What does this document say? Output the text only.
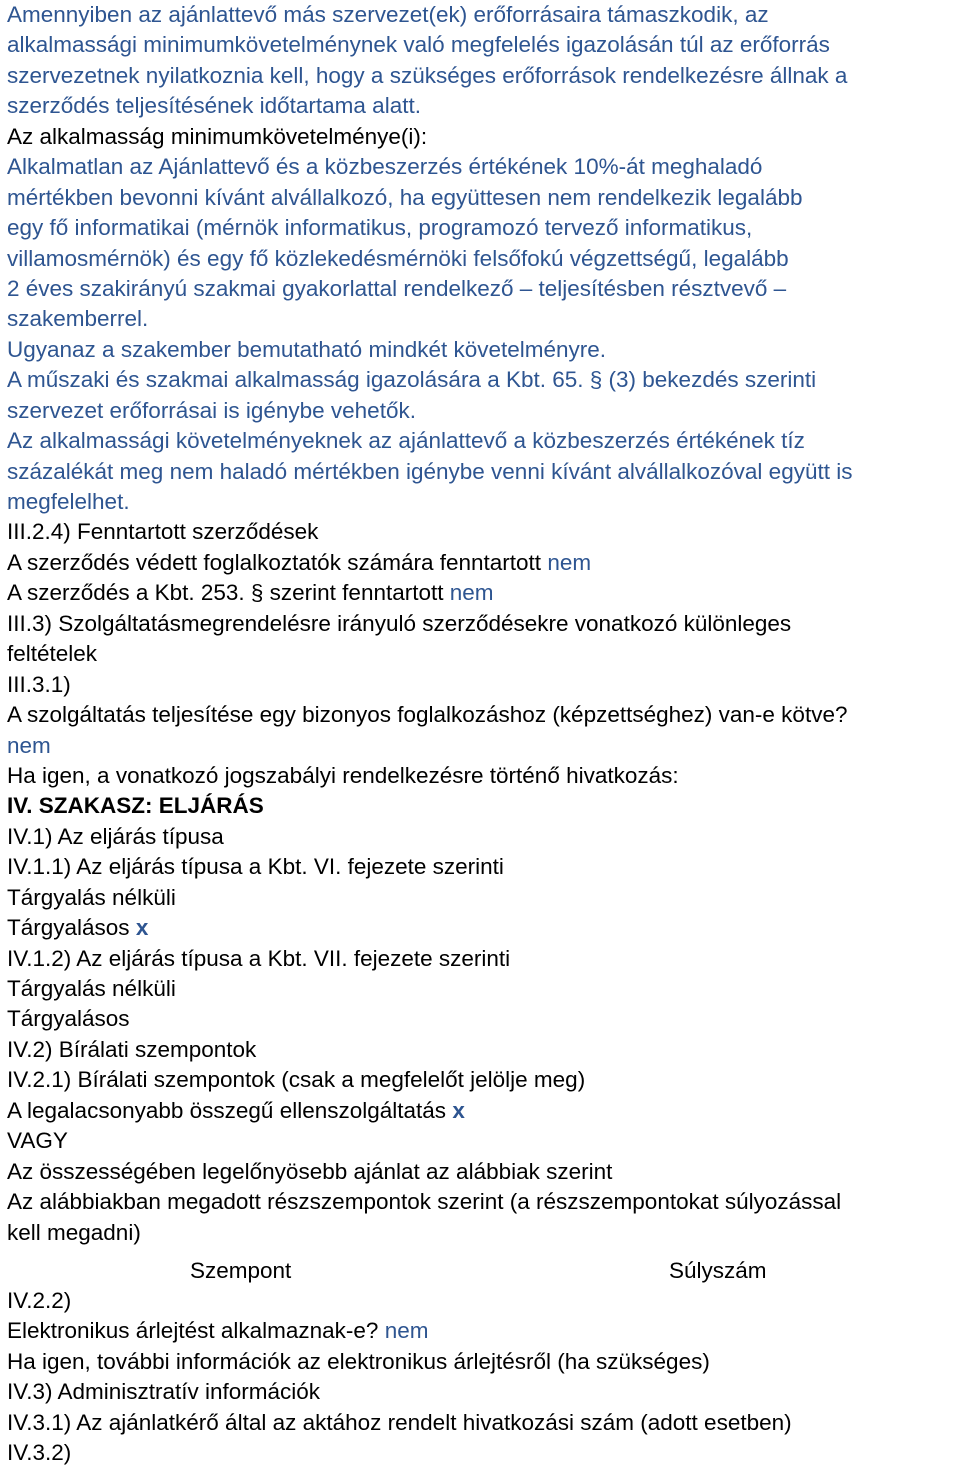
Amennyiben az ajánlattevő más szervezet(ek) erőforrásaira támaszkodik, az
alkalmassági minimumkövetelménynek való megfelelés igazolásán túl az erőforrás
szervezetnek nyilatkoznia kell, hogy a szükséges erőforrások rendelkezésre állnak a
szerződés teljesítésének időtartama alatt.
Az alkalmasság minimumkövetelménye(i):
Alkalmatlan az Ajánlattevő és a közbeszerzés értékének 10%-át meghaladó
mértékben bevonni kívánt alvállalkozó, ha együttesen nem rendelkezik legalább
egy fő informatikai (mérnök informatikus, programozó tervező informatikus,
villamosmérnök) és egy fő közlekedésmérnöki felsőfokú végzettségű, legalább
2 éves szakirányú szakmai gyakorlattal rendelkező – teljesítésben résztvevő –
szakemberrel.
Ugyanaz a szakember bemutatható mindkét követelményre.
A műszaki és szakmai alkalmasság igazolására a Kbt. 65. § (3) bekezdés szerinti
szervezet erőforrásai is igénybe vehetők.
Az alkalmassági követelményeknek az ajánlattevő a közbeszerzés értékének tíz
százalékát meg nem haladó mértékben igénybe venni kívánt alvállalkozóval együtt is
megfelelhet.
III.2.4) Fenntartott szerződések
A szerződés védett foglalkoztatók számára fenntartott nem
A szerződés a Kbt. 253. § szerint fenntartott nem
III.3) Szolgáltatásmegrendelésre irányuló szerződésekre vonatkozó különleges
feltételek
III.3.1)
A szolgáltatás teljesítése egy bizonyos foglalkozáshoz (képzettséghez) van-e kötve?
nem
Ha igen, a vonatkozó jogszabályi rendelkezésre történő hivatkozás:
IV. SZAKASZ: ELJÁRÁS
IV.1) Az eljárás típusa
IV.1.1) Az eljárás típusa a Kbt. VI. fejezete szerinti
Tárgyalás nélküli
Tárgyalásos x
IV.1.2) Az eljárás típusa a Kbt. VII. fejezete szerinti
Tárgyalás nélküli
Tárgyalásos
IV.2) Bírálati szempontok
IV.2.1) Bírálati szempontok (csak a megfelelőt jelölje meg)
A legalacsonyabb összegű ellenszolgáltatás x
VAGY
Az összességében legelőnyösebb ajánlat az alábbiak szerint
Az alábbiakban megadott részszempontok szerint (a részszempontokat súlyozással
kell megadni)
Szempont	Súlyszám
IV.2.2)
Elektronikus árlejtést alkalmaznak-e? nem
Ha igen, további információk az elektronikus árlejtésről (ha szükséges)
IV.3) Adminisztratív információk
IV.3.1) Az ajánlatkérő által az aktához rendelt hivatkozási szám (adott esetben)
IV.3.2)
